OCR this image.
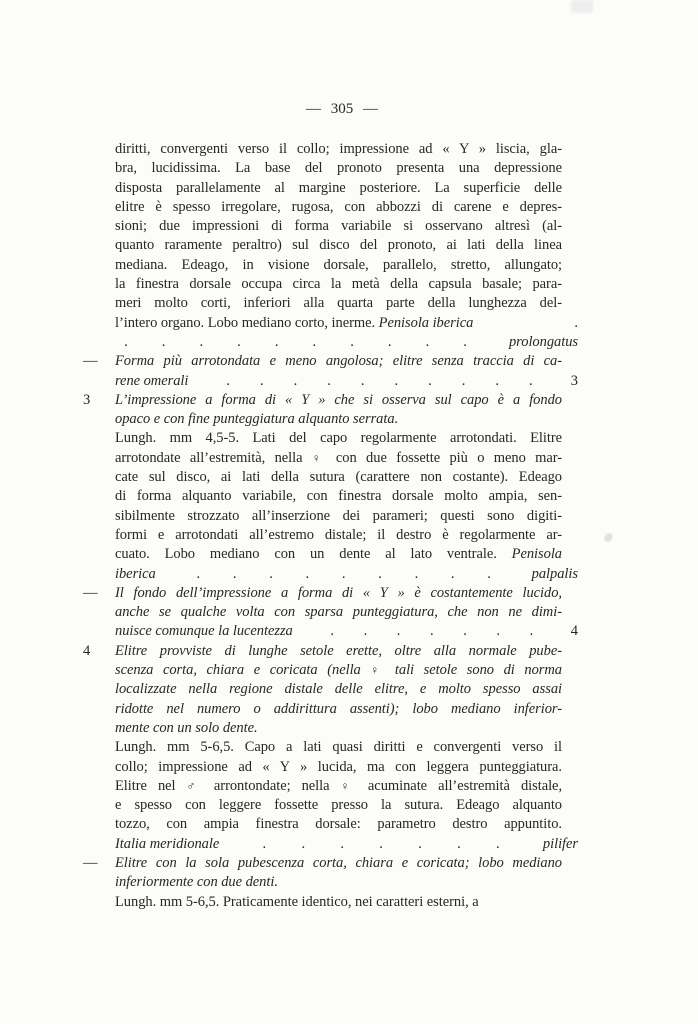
— 305 —
diritti, convergenti verso il collo; impressione ad « Y » liscia, gla-
bra, lucidissima. La base del pronoto presenta una depressione
disposta parallelamente al margine posteriore. La superficie delle
elitre è spesso irregolare, rugosa, con abbozzi di carene e depres-
sioni; due impressioni di forma variabile si osservano altresì (al-
quanto raramente peraltro) sul disco del pronoto, ai lati della linea
mediana. Edeago, in visione dorsale, parallelo, stretto, allungato;
la finestra dorsale occupa circa la metà della capsula basale; para-
meri molto corti, inferiori alla quarta parte della lunghezza del-
l’intero organo. Lobo mediano corto, inerme. Penisola iberica	.
. . . . . . . . . .	prolongatus
— Forma più arrotondata e meno angolosa; elitre senza traccia di ca-
rene omerali	. . . . . . . . . .	3
3 L’impressione a forma di « Y » che si osserva sul capo è a fondo
opaco e con fine punteggiatura alquanto serrata.
Lungh. mm 4,5-5. Lati del capo regolarmente arrotondati. Elitre
arrotondate all’estremità, nella ♀ con due fossette più o meno mar-
cate sul disco, ai lati della sutura (carattere non costante). Edeago
di forma alquanto variabile, con finestra dorsale molto ampia, sen-
sibilmente strozzato all’inserzione dei parameri; questi sono digiti-
formi e arrotondati all’estremo distale; il destro è regolarmente ar-
cuato. Lobo mediano con un dente al lato ventrale. Penisola
iberica	. . . . . . . . .	palpalis
— Il fondo dell’impressione a forma di « Y » è costantemente lucido,
anche se qualche volta con sparsa punteggiatura, che non ne dimi-
nuisce comunque la lucentezza	. . . . . . .	4
4 Elitre provviste di lunghe setole erette, oltre alla normale pube-
scenza corta, chiara e coricata (nella ♀ tali setole sono di norma
localizzate nella regione distale delle elitre, e molto spesso assai
ridotte nel numero o addirittura assenti); lobo mediano inferior-
mente con un solo dente.
Lungh. mm 5-6,5. Capo a lati quasi diritti e convergenti verso il
collo; impressione ad « Y » lucida, ma con leggera punteggiatura.
Elitre nel ♂ arrontondate; nella ♀ acuminate all’estremità distale,
e spesso con leggere fossette presso la sutura. Edeago alquanto
tozzo, con ampia finestra dorsale: parametro destro appuntito.
Italia meridionale	. . . . . . .	pilifer
— Elitre con la sola pubescenza corta, chiara e coricata; lobo mediano
inferiormente con due denti.
Lungh. mm 5-6,5. Praticamente identico, nei caratteri esterni, a
